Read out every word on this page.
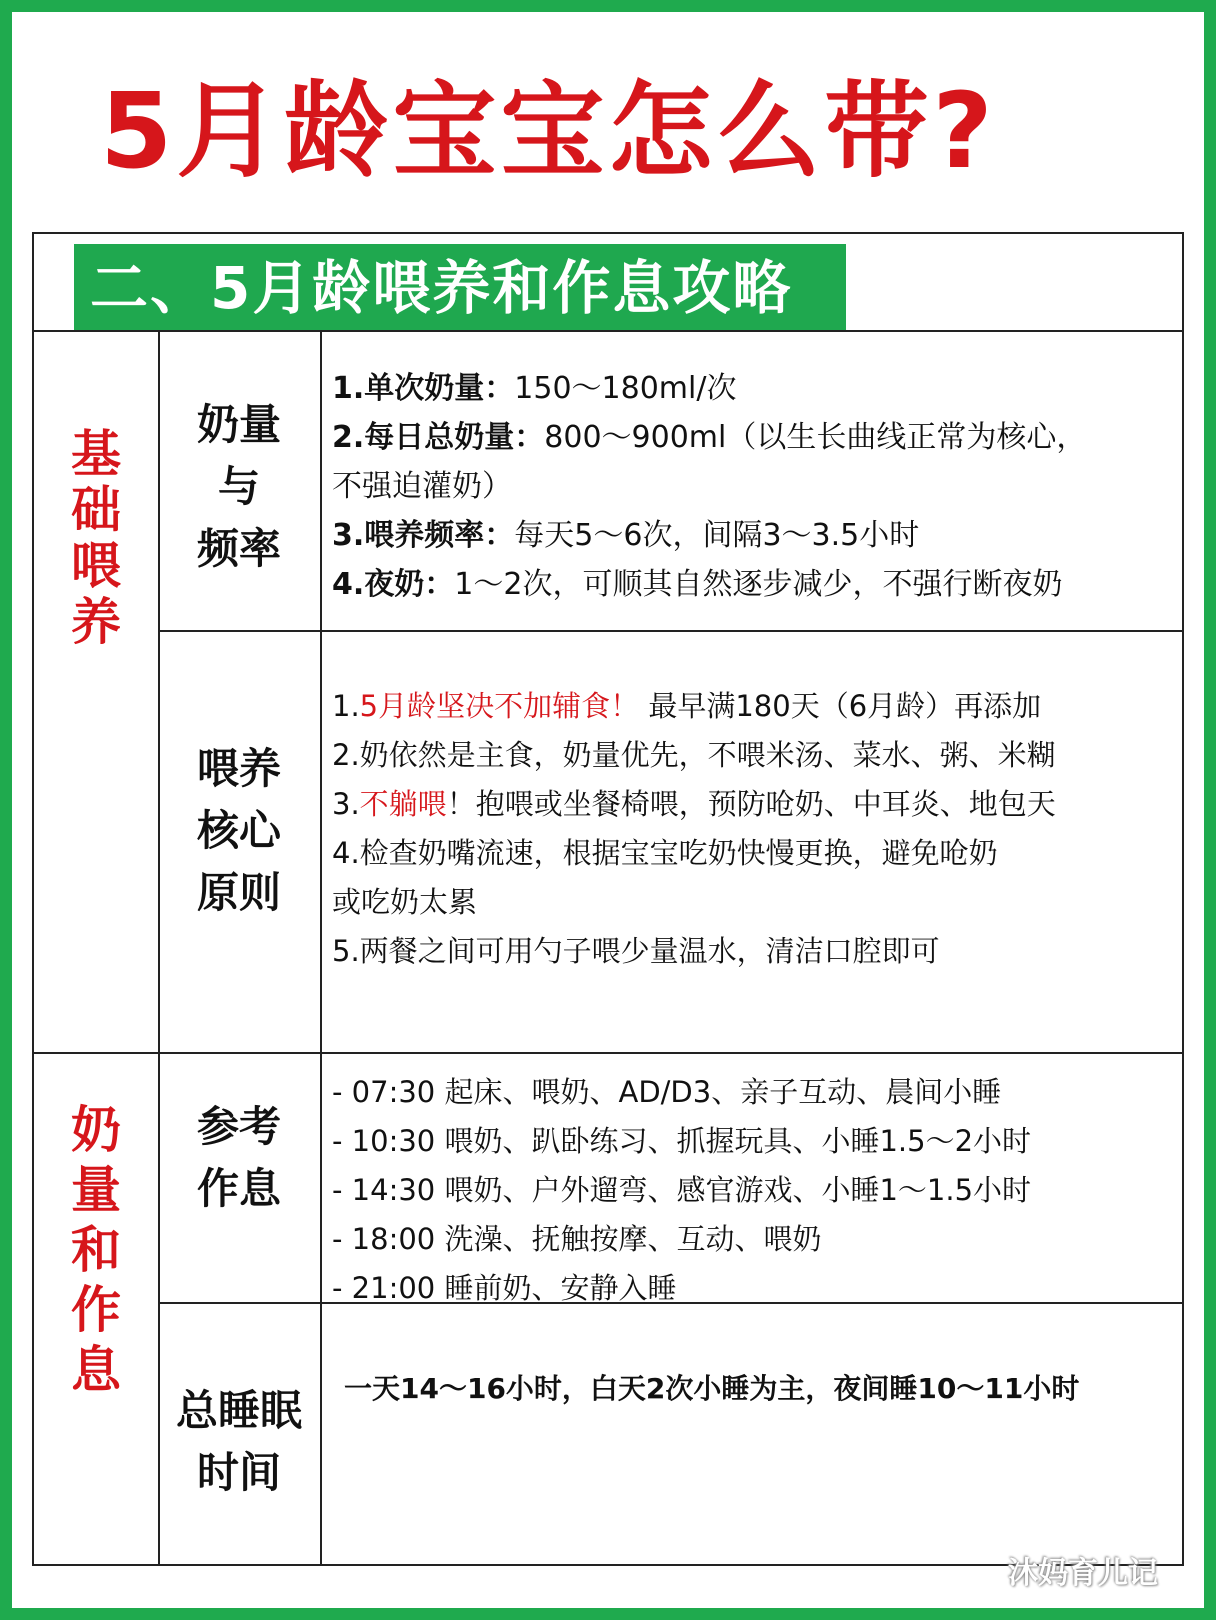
5月龄宝宝怎么带?
二、5月龄喂养和作息攻略
基础喂养
奶量
与
频率
1.单次奶量：150～180ml/次
2.每日总奶量：800～900ml（以生长曲线正常为核心，
不强迫灌奶）
3.喂养频率：每天5～6次，间隔3～3.5小时
4.夜奶：1～2次，可顺其自然逐步减少，不强行断夜奶
喂养
核心
原则
1.5月龄坚决不加辅食！ 最早满180天（6月龄）再添加
2.奶依然是主食，奶量优先，不喂米汤、菜水、粥、米糊
3.不躺喂！抱喂或坐餐椅喂，预防呛奶、中耳炎、地包天
4.检查奶嘴流速，根据宝宝吃奶快慢更换，避免呛奶
或吃奶太累
5.两餐之间可用勺子喂少量温水，清洁口腔即可
奶量和作息
参考
作息
- 07:30 起床、喂奶、AD/D3、亲子互动、晨间小睡
- 10:30 喂奶、趴卧练习、抓握玩具、小睡1.5～2小时
- 14:30 喂奶、户外遛弯、感官游戏、小睡1～1.5小时
- 18:00 洗澡、抚触按摩、互动、喂奶
- 21:00 睡前奶、安静入睡
总睡眠
时间
一天14～16小时，白天2次小睡为主，夜间睡10～11小时
沐妈育儿记
